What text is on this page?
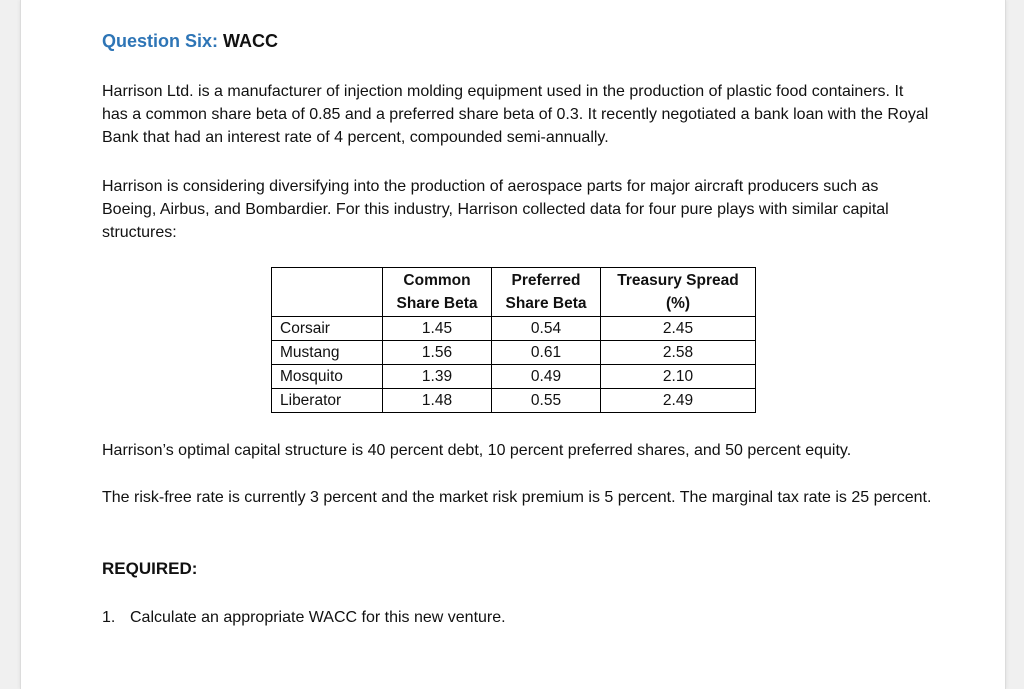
Question Six: WACC

Harrison Ltd. is a manufacturer of injection molding equipment used in the production of plastic food containers. It has a common share beta of 0.85 and a preferred share beta of 0.3. It recently negotiated a bank loan with the Royal Bank that had an interest rate of 4 percent, compounded semi-annually.

Harrison is considering diversifying into the production of aerospace parts for major aircraft producers such as Boeing, Airbus, and Bombardier. For this industry, Harrison collected data for four pure plays with similar capital structures:

	Common Share Beta	Preferred Share Beta	Treasury Spread (%)
Corsair	1.45	0.54	2.45
Mustang	1.56	0.61	2.58
Mosquito	1.39	0.49	2.10
Liberator	1.48	0.55	2.49

Harrison’s optimal capital structure is 40 percent debt, 10 percent preferred shares, and 50 percent equity.

The risk-free rate is currently 3 percent and the market risk premium is 5 percent. The marginal tax rate is 25 percent.

REQUIRED:

1. Calculate an appropriate WACC for this new venture.
